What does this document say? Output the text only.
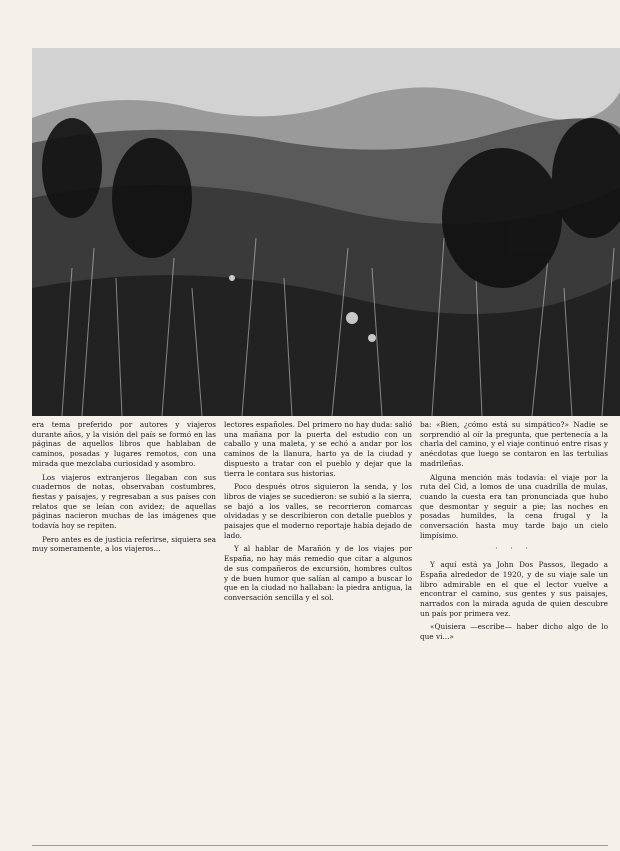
era tema preferido por autores y viajeros durante años, y la visión del país se formó en las páginas de aquellos libros que hablaban de caminos, posadas y lugares remotos, con una mirada que mezclaba curiosidad y asombro.

Los viajeros extranjeros llegaban con sus cuadernos de notas, observaban costumbres, fiestas y paisajes, y regresaban a sus países con relatos que se leían con avidez; de aquellas páginas nacieron muchas de las imágenes que todavía hoy se repiten.

Pero antes es de justicia referirse, siquiera sea muy someramente, a los viajeros...

lectores españoles. Del primero no hay duda: salió una mañana por la puerta del estudio con un caballo y una maleta, y se echó a andar por los caminos de la llanura, harto ya de la ciudad y dispuesto a tratar con el pueblo y dejar que la tierra le contara sus historias.

Poco después otros siguieron la senda, y los libros de viajes se sucedieron: se subió a la sierra, se bajó a los valles, se recorrieron comarcas olvidadas y se describieron con detalle pueblos y paisajes que el moderno reportaje había dejado de lado.

Y al hablar de Marañón y de los viajes por España, no hay más remedio que citar a algunos de sus compañeros de excursión, hombres cultos y de buen humor que salían al campo a buscar lo que en la ciudad no hallaban: la piedra antigua, la conversación sencilla y el sol.

ba: «Bien, ¿cómo está su simpático?» Nadie se sorprendió al oír la pregunta, que pertenecía a la charla del camino, y el viaje continuó entre risas y anécdotas que luego se contaron en las tertulias madrileñas.

Alguna mención más todavía: el viaje por la ruta del Cid, a lomos de una cuadrilla de mulas, cuando la cuesta era tan pronunciada que hubo que desmontar y seguir a pie; las noches en posadas humildes, la cena frugal y la conversación hasta muy tarde bajo un cielo limpísimo.

· · ·

Y aquí está ya John Dos Passos, llegado a España alrededor de 1920, y de su viaje sale un libro admirable en el que el lector vuelve a encontrar el camino, sus gentes y sus paisajes, narrados con la mirada aguda de quien descubre un país por primera vez.

«Quisiera —escribe— haber dicho algo de lo que vi...»
